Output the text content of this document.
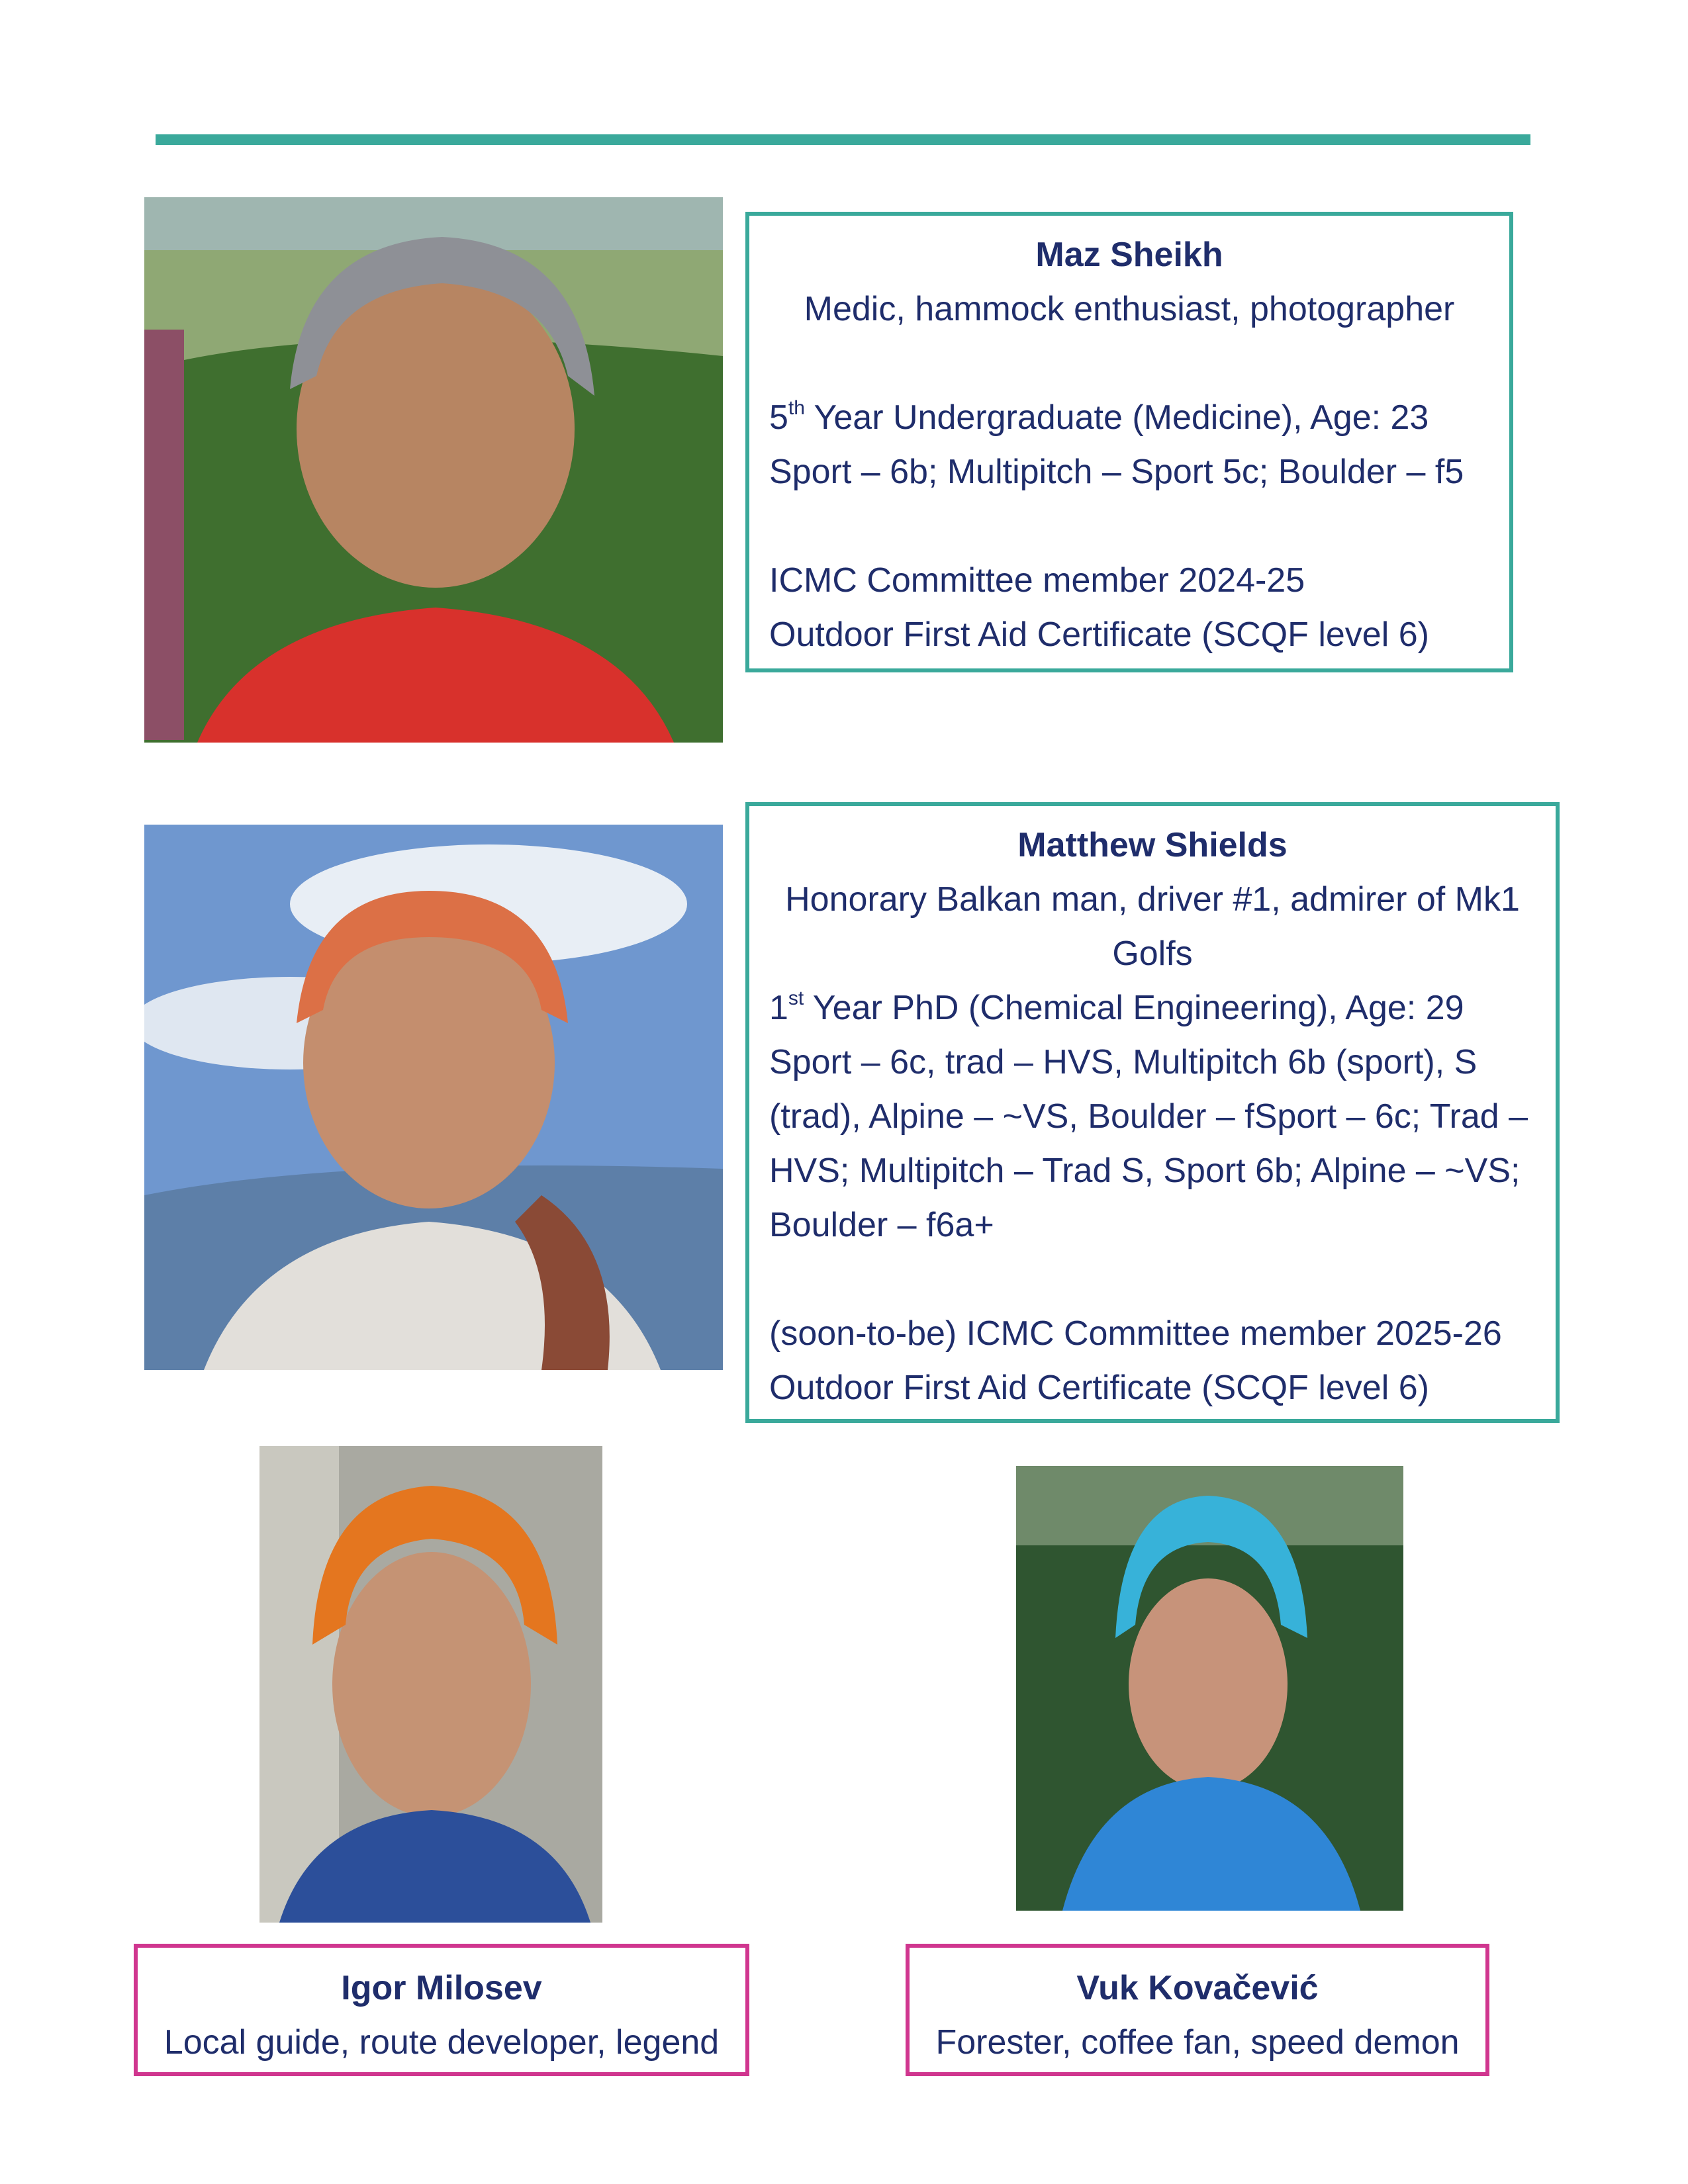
Maz Sheikh
Medic, hammock enthusiast, photographer
5th Year Undergraduate (Medicine), Age: 23
Sport – 6b; Multipitch – Sport 5c; Boulder – f5
ICMC Committee member 2024-25
Outdoor First Aid Certificate (SCQF level 6)
Matthew Shields
Honorary Balkan man, driver #1, admirer of Mk1 Golfs
1st Year PhD (Chemical Engineering), Age: 29
Sport – 6c, trad – HVS, Multipitch 6b (sport), S (trad), Alpine – ~VS, Boulder – fSport – 6c; Trad – HVS; Multipitch – Trad S, Sport 6b; Alpine – ~VS; Boulder – f6a+
(soon-to-be) ICMC Committee member 2025-26
Outdoor First Aid Certificate (SCQF level 6)
Igor Milosev
Local guide, route developer, legend
Vuk Kovačević
Forester, coffee fan, speed demon
